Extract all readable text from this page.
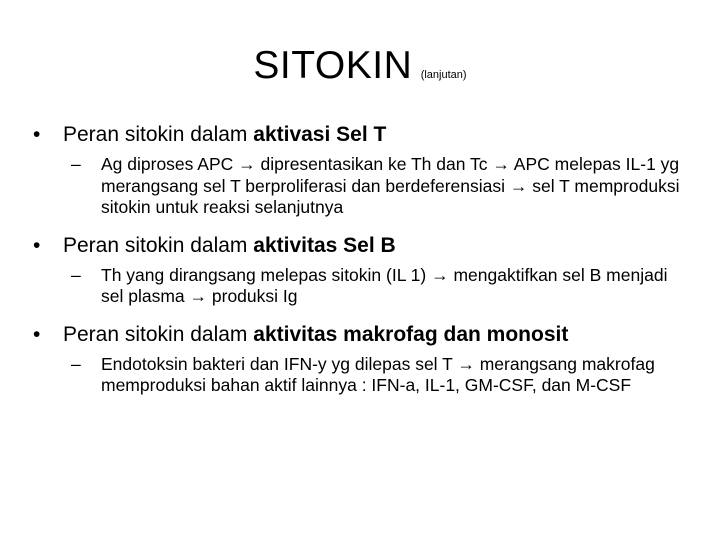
SITOKIN (lanjutan)
•	Peran sitokin dalam aktivasi Sel T
–	Ag diproses APC → dipresentasikan ke Th dan Tc → APC melepas IL-1 yg merangsang sel T berproliferasi dan berdeferensiasi → sel T memproduksi sitokin untuk reaksi selanjutnya
•	Peran sitokin dalam aktivitas Sel B
–	Th yang dirangsang melepas sitokin (IL 1) → mengaktifkan sel B menjadi sel plasma → produksi Ig
•	Peran sitokin dalam aktivitas makrofag dan monosit
–	Endotoksin bakteri dan IFN-y yg dilepas sel T → merangsang makrofag memproduksi bahan aktif lainnya : IFN-a, IL-1, GM-CSF, dan M-CSF
